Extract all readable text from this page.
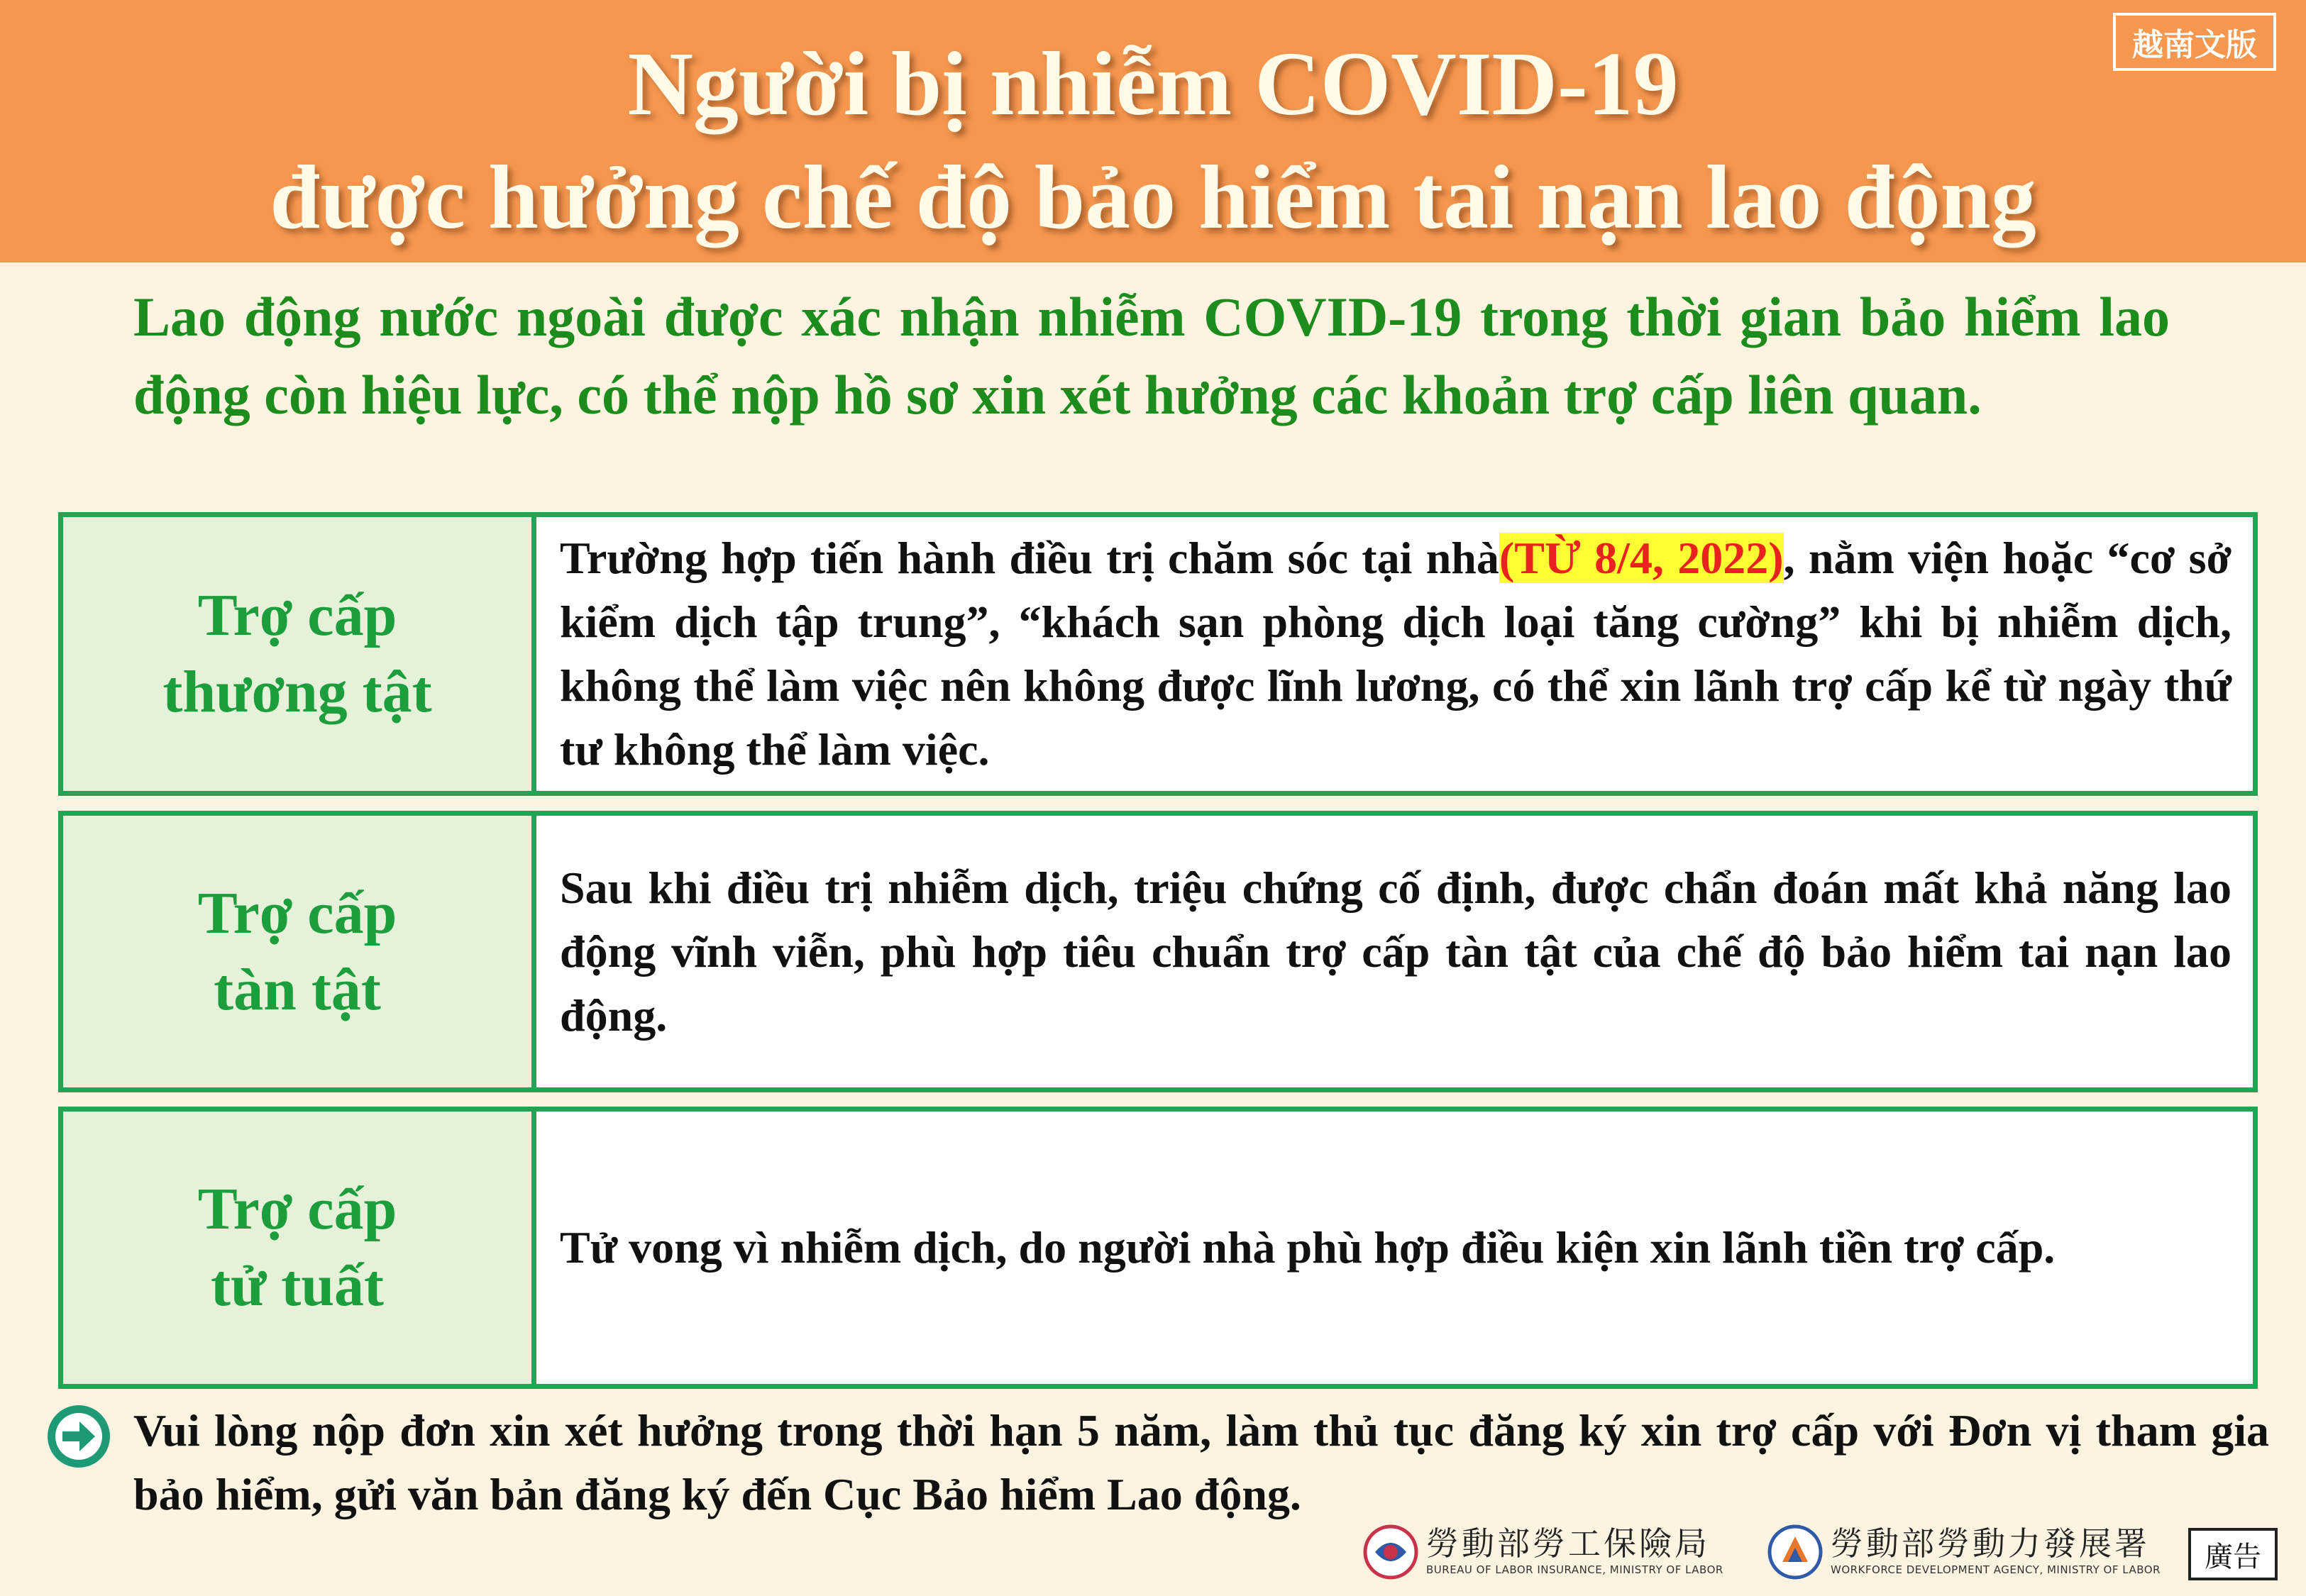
越南文版
Người bị nhiễm COVID-19
được hưởng chế độ bảo hiểm tai nạn lao động
Lao động nước ngoài được xác nhận nhiễm COVID-19 trong thời gian bảo hiểm lao động còn hiệu lực, có thể nộp hồ sơ xin xét hưởng các khoản trợ cấp liên quan.
Trợ cấp
thương tật

Trường hợp tiến hành điều trị chăm sóc tại nhà(TỪ 8/4, 2022), nằm viện hoặc “cơ sở kiểm dịch tập trung”, “khách sạn phòng dịch loại tăng cường” khi bị nhiễm dịch, không thể làm việc nên không được lĩnh lương, có thể xin lãnh trợ cấp kể từ ngày thứ tư không thể làm việc.

Trợ cấp
tàn tật

Sau khi điều trị nhiễm dịch, triệu chứng cố định, được chẩn đoán mất khả năng lao động vĩnh viễn, phù hợp tiêu chuẩn trợ cấp tàn tật của chế độ bảo hiểm tai nạn lao động.

Trợ cấp
tử tuất

Tử vong vì nhiễm dịch, do người nhà phù hợp điều kiện xin lãnh tiền trợ cấp.

Vui lòng nộp đơn xin xét hưởng trong thời hạn 5 năm, làm thủ tục đăng ký xin trợ cấp với Đơn vị tham gia bảo hiểm, gửi văn bản đăng ký đến Cục Bảo hiểm Lao động.
勞動部勞工保險局
BUREAU OF LABOR INSURANCE, MINISTRY OF LABOR
勞動部勞動力發展署
WORKFORCE DEVELOPMENT AGENCY, MINISTRY OF LABOR	廣告
